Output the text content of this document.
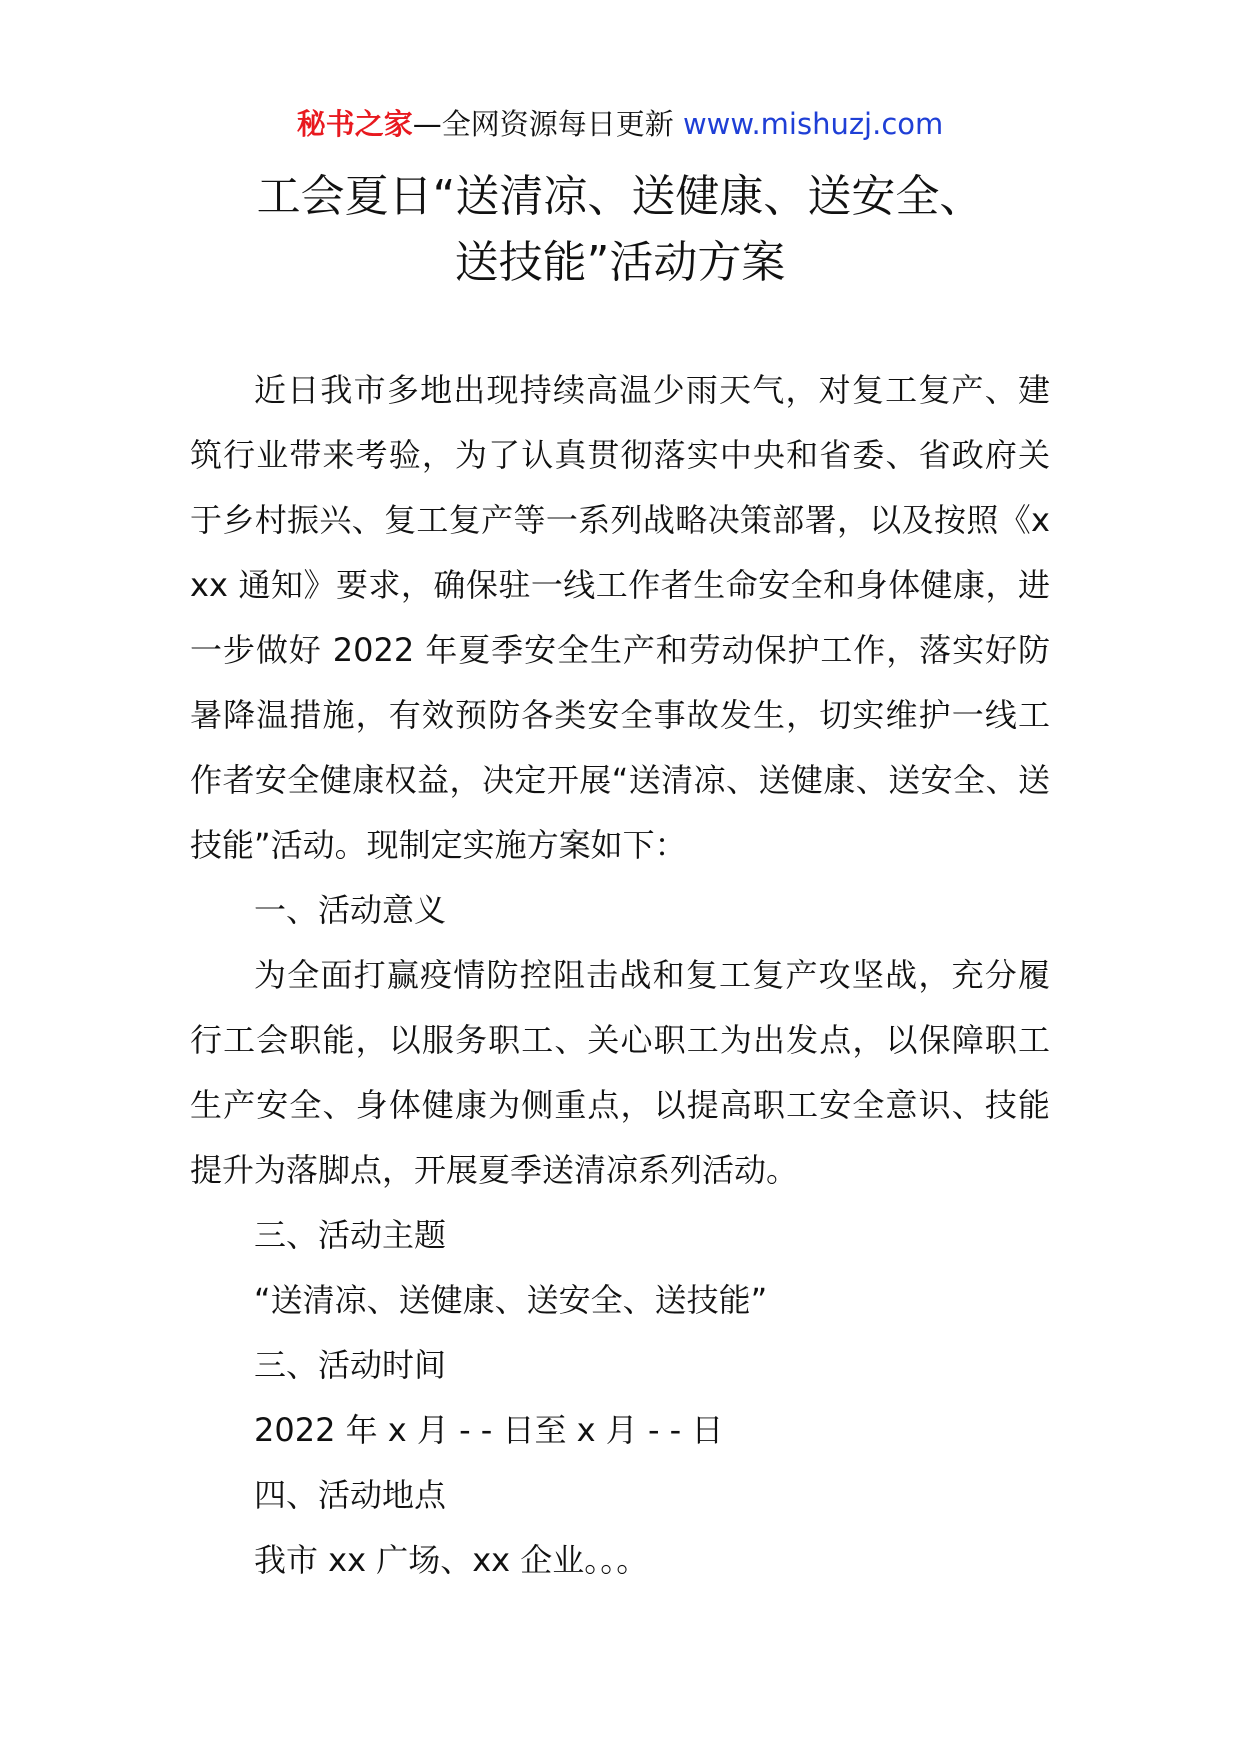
秘书之家—全网资源每日更新 www.mishuzj.com
工会夏日“送清凉、送健康、送安全、
送技能”活动方案

近日我市多地出现持续高温少雨天气，对复工复产、建筑行业带来考验，为了认真贯彻落实中央和省委、省政府关于乡村振兴、复工复产等一系列战略决策部署，以及按照《xxx 通知》要求，确保驻一线工作者生命安全和身体健康，进一步做好 2022 年夏季安全生产和劳动保护工作，落实好防暑降温措施，有效预防各类安全事故发生，切实维护一线工作者安全健康权益，决定开展“送清凉、送健康、送安全、送技能”活动。现制定实施方案如下：

一、活动意义

为全面打赢疫情防控阻击战和复工复产攻坚战，充分履行工会职能，以服务职工、关心职工为出发点，以保障职工生产安全、身体健康为侧重点，以提高职工安全意识、技能提升为落脚点，开展夏季送清凉系列活动。

三、活动主题

“送清凉、送健康、送安全、送技能”

三、活动时间

2022 年 x 月 - - 日至 x 月 - - 日

四、活动地点

我市 xx 广场、xx 企业。。。
